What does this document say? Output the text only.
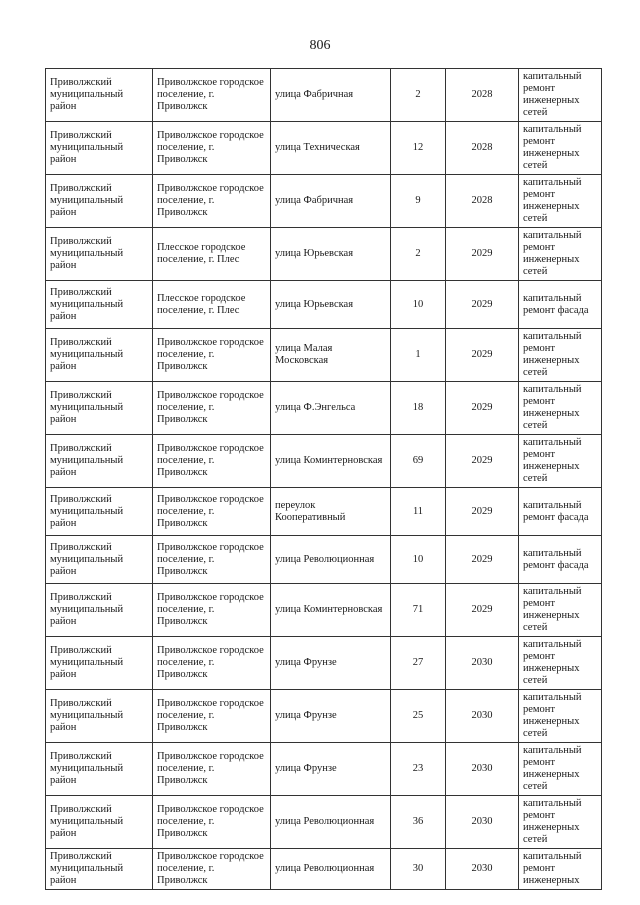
806
Приволжский муниципальный район	Приволжское городское поселение, г. Приволжск	улица Фабричная	2	2028	капитальный ремонт инженерных сетей
Приволжский муниципальный район	Приволжское городское поселение, г. Приволжск	улица Техническая	12	2028	капитальный ремонт инженерных сетей
Приволжский муниципальный район	Приволжское городское поселение, г. Приволжск	улица Фабричная	9	2028	капитальный ремонт инженерных сетей
Приволжский муниципальный район	Плесское городское поселение, г. Плес	улица Юрьевская	2	2029	капитальный ремонт инженерных сетей
Приволжский муниципальный район	Плесское городское поселение, г. Плес	улица Юрьевская	10	2029	капитальный ремонт фасада
Приволжский муниципальный район	Приволжское городское поселение, г. Приволжск	улица Малая Московская	1	2029	капитальный ремонт инженерных сетей
Приволжский муниципальный район	Приволжское городское поселение, г. Приволжск	улица Ф.Энгельса	18	2029	капитальный ремонт инженерных сетей
Приволжский муниципальный район	Приволжское городское поселение, г. Приволжск	улица Коминтерновская	69	2029	капитальный ремонт инженерных сетей
Приволжский муниципальный район	Приволжское городское поселение, г. Приволжск	переулок Кооперативный	11	2029	капитальный ремонт фасада
Приволжский муниципальный район	Приволжское городское поселение, г. Приволжск	улица Революционная	10	2029	капитальный ремонт фасада
Приволжский муниципальный район	Приволжское городское поселение, г. Приволжск	улица Коминтерновская	71	2029	капитальный ремонт инженерных сетей
Приволжский муниципальный район	Приволжское городское поселение, г. Приволжск	улица Фрунзе	27	2030	капитальный ремонт инженерных сетей
Приволжский муниципальный район	Приволжское городское поселение, г. Приволжск	улица Фрунзе	25	2030	капитальный ремонт инженерных сетей
Приволжский муниципальный район	Приволжское городское поселение, г. Приволжск	улица Фрунзе	23	2030	капитальный ремонт инженерных сетей
Приволжский муниципальный район	Приволжское городское поселение, г. Приволжск	улица Революционная	36	2030	капитальный ремонт инженерных сетей
Приволжский муниципальный район	Приволжское городское поселение, г. Приволжск	улица Революционная	30	2030	капитальный ремонт инженерных
